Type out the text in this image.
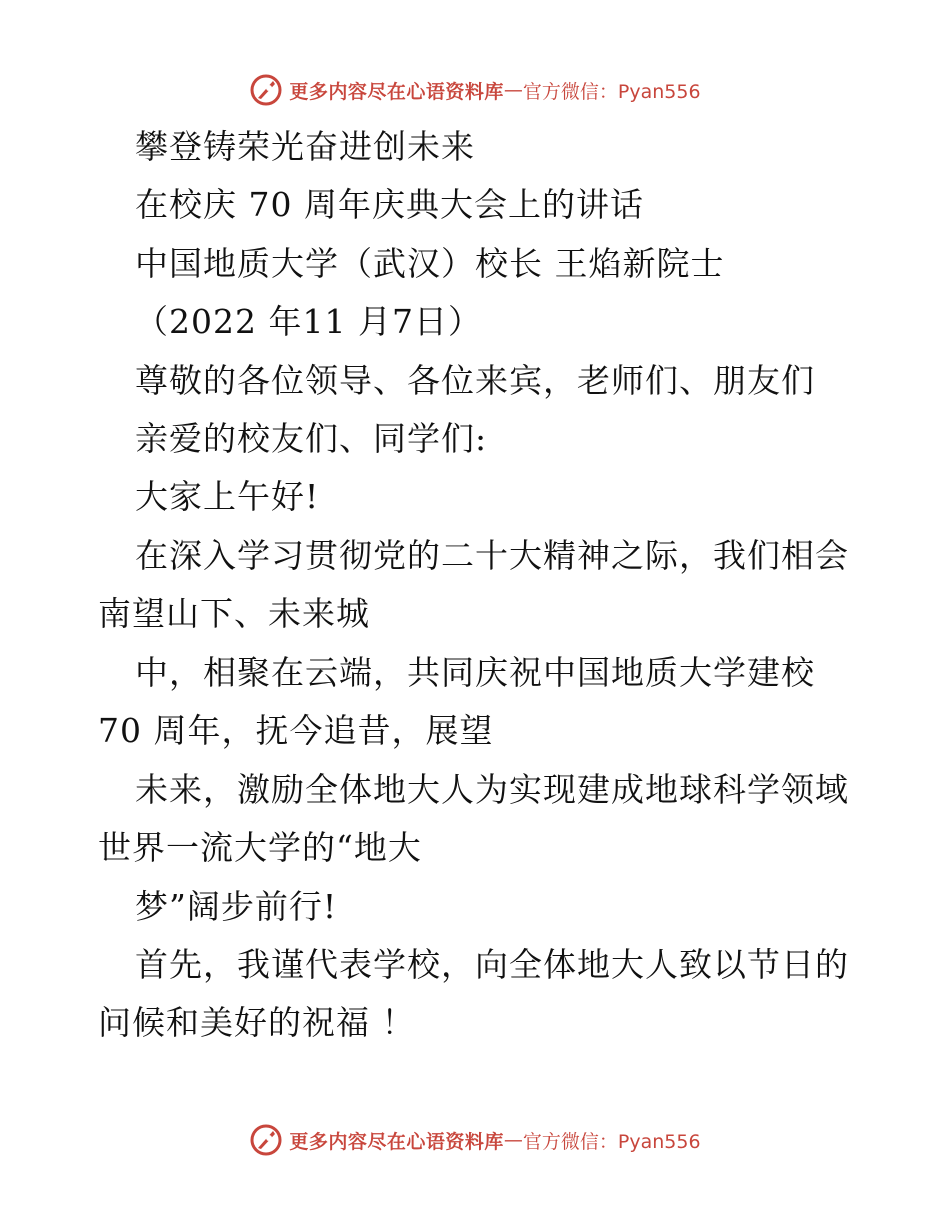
更多内容尽在心语资料库 — 官方微信：Pyan556
攀登铸荣光奋进创未来
在校庆 70 周年庆典大会上的讲话
中国地质大学（武汉）校长 王焰新院士
（2022 年11 月7日）
尊敬的各位领导、各位来宾，老师们、朋友们
亲爱的校友们、同学们:
大家上午好!
在深入学习贯彻党的二十大精神之际，我们相会
南望山下、未来城
中，相聚在云端，共同庆祝中国地质大学建校
70 周年，抚今追昔，展望
未来，激励全体地大人为实现建成地球科学领域
世界一流大学的“地大
梦”阔步前行!
首先，我谨代表学校，向全体地大人致以节日的
问候和美好的祝福 ！
更多内容尽在心语资料库 — 官方微信：Pyan556
